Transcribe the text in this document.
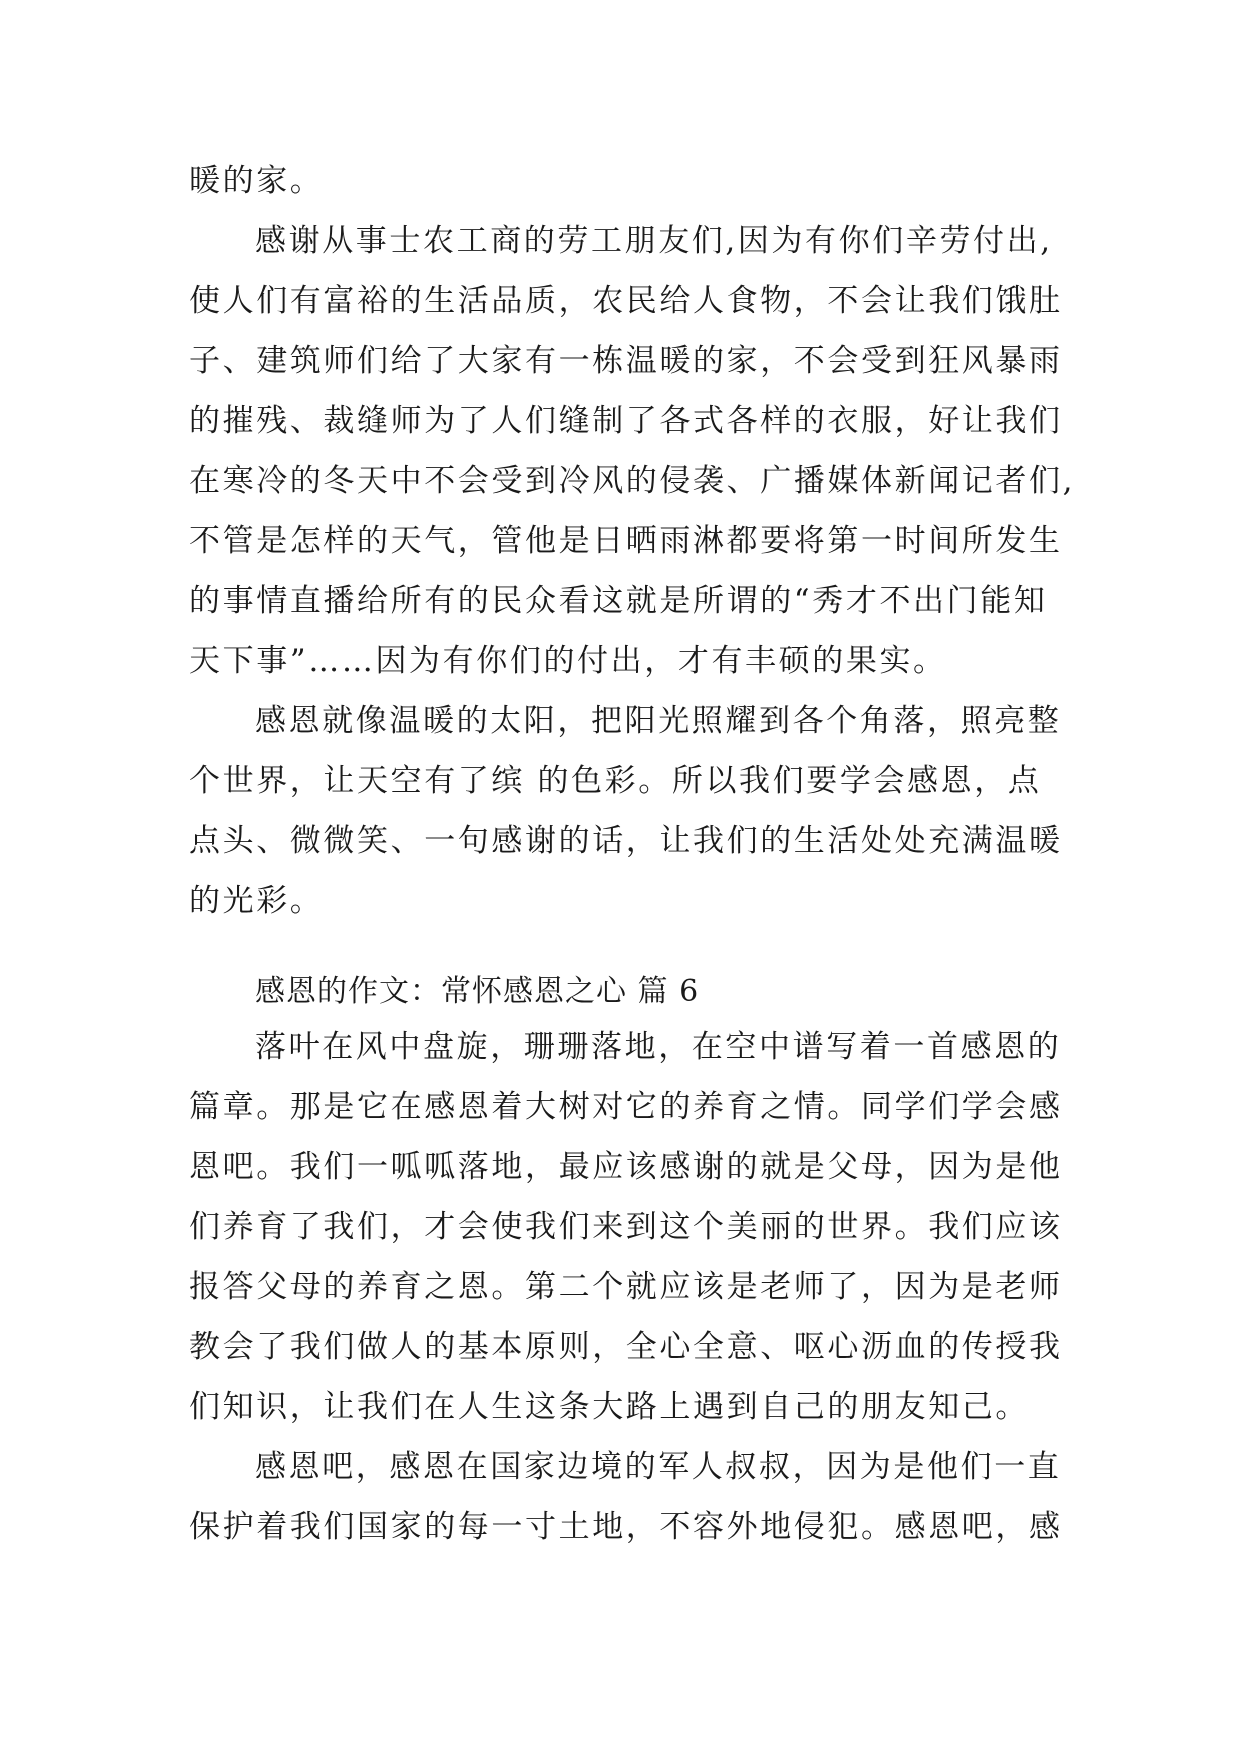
暖的家。
感谢从事士农工商的劳工朋友们,因为有你们辛劳付出,
使人们有富裕的生活品质，农民给人食物，不会让我们饿肚
子、建筑师们给了大家有一栋温暖的家，不会受到狂风暴雨
的摧残、裁缝师为了人们缝制了各式各样的衣服，好让我们
在寒冷的冬天中不会受到冷风的侵袭、广播媒体新闻记者们,
不管是怎样的天气，管他是日晒雨淋都要将第一时间所发生
的事情直播给所有的民众看这就是所谓的“秀才不出门能知
天下事”……因为有你们的付出，才有丰硕的果实。
感恩就像温暖的太阳，把阳光照耀到各个角落，照亮整
个世界，让天空有了缤 的色彩。所以我们要学会感恩，点
点头、微微笑、一句感谢的话，让我们的生活处处充满温暖
的光彩。
感恩的作文：常怀感恩之心 篇 6
落叶在风中盘旋，珊珊落地，在空中谱写着一首感恩的
篇章。那是它在感恩着大树对它的养育之情。同学们学会感
恩吧。我们一呱呱落地，最应该感谢的就是父母，因为是他
们养育了我们，才会使我们来到这个美丽的世界。我们应该
报答父母的养育之恩。第二个就应该是老师了，因为是老师
教会了我们做人的基本原则，全心全意、呕心沥血的传授我
们知识，让我们在人生这条大路上遇到自己的朋友知己。
感恩吧，感恩在国家边境的军人叔叔，因为是他们一直
保护着我们国家的每一寸土地，不容外地侵犯。感恩吧，感
